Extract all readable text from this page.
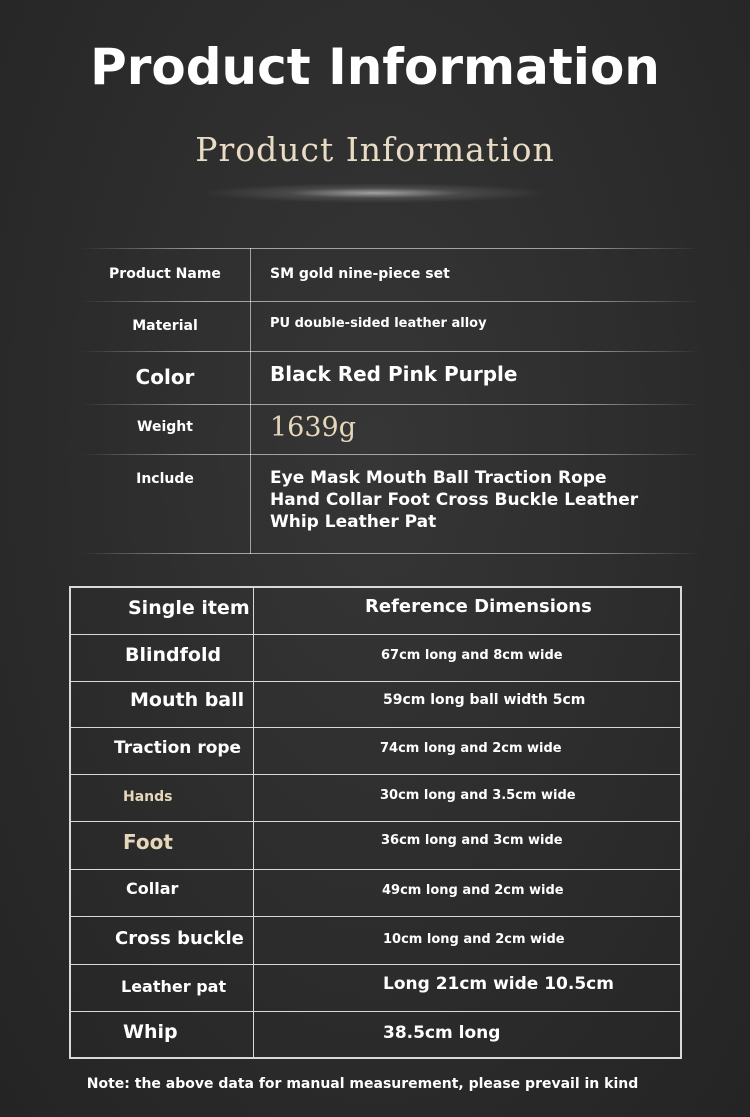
Product Information
Product Information
Product Name	SM gold nine-piece set
Material	PU double-sided leather alloy
Color	Black Red Pink Purple
Weight	1639g
Include	Eye Mask Mouth Ball Traction Rope
Hand Collar Foot Cross Buckle Leather
Whip Leather Pat
Single item	Reference Dimensions
Blindfold	67cm long and 8cm wide
Mouth ball	59cm long ball width 5cm
Traction rope	74cm long and 2cm wide
Hands	30cm long and 3.5cm wide
Foot	36cm long and 3cm wide
Collar	49cm long and 2cm wide
Cross buckle	10cm long and 2cm wide
Leather pat	Long 21cm wide 10.5cm
Whip	38.5cm long
Note: the above data for manual measurement, please prevail in kind
